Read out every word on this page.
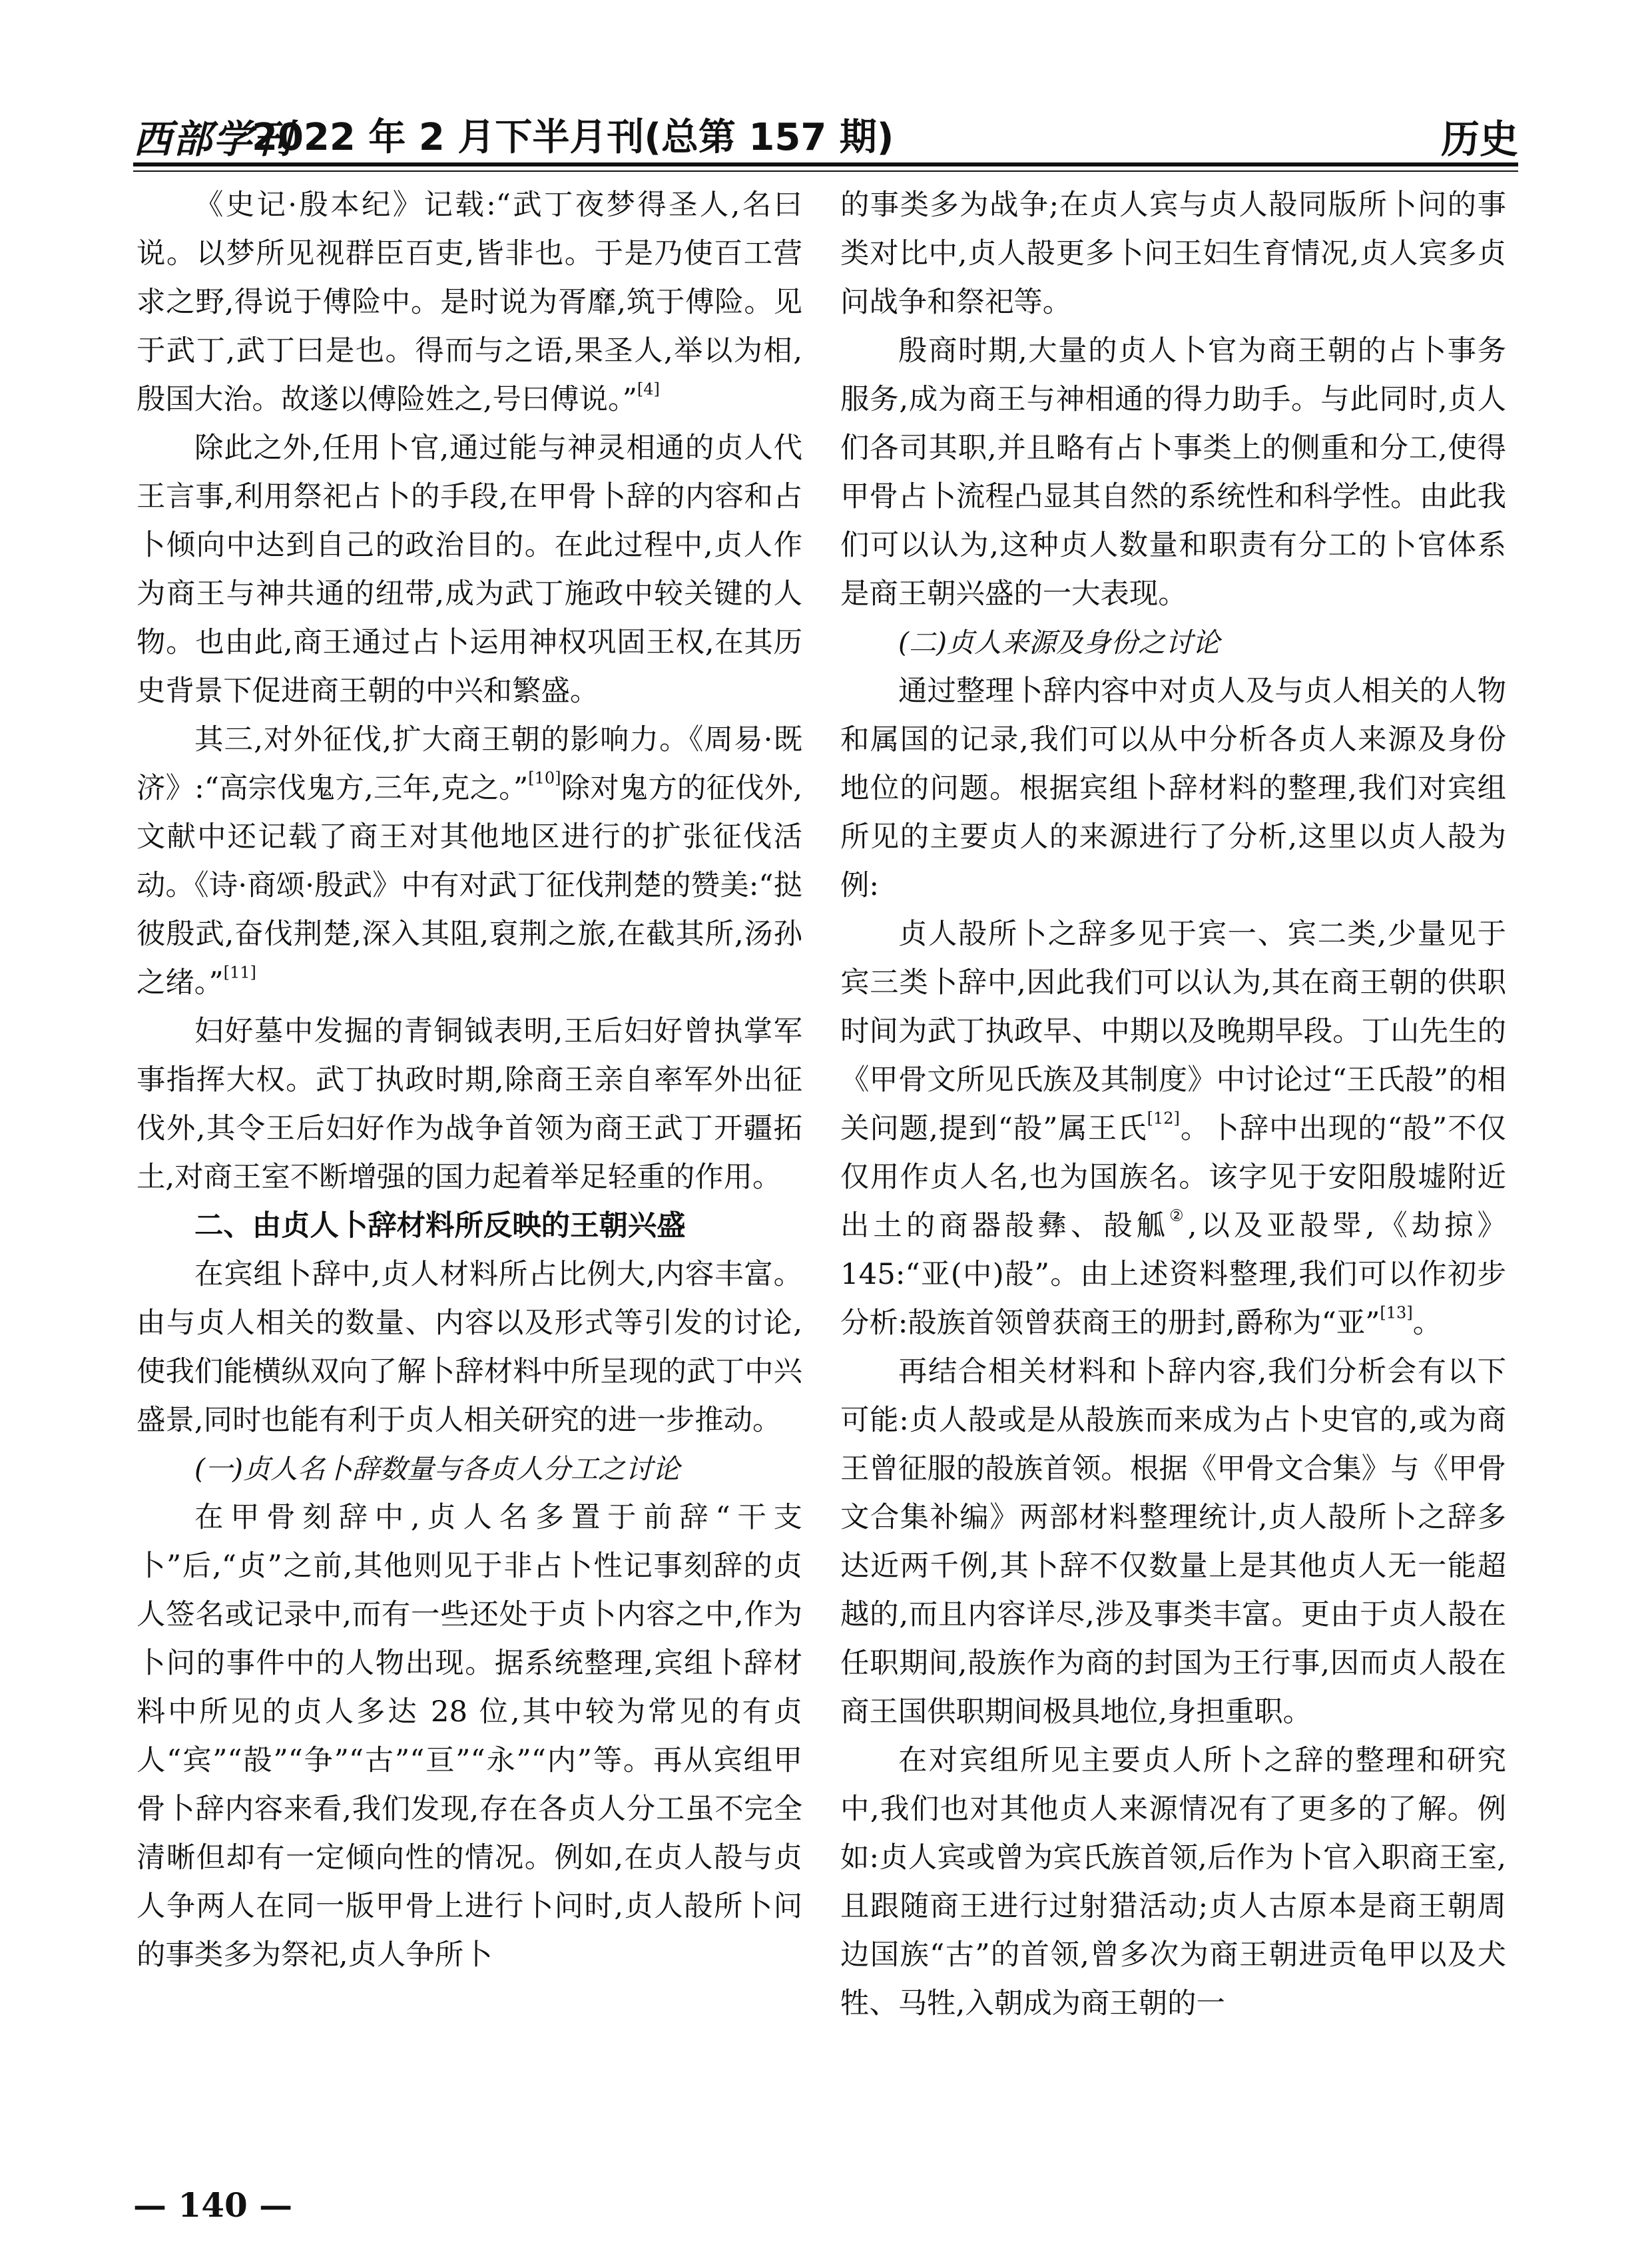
西部学刊
2022 年 2 月下半月刊(总第 157 期)	历史

《史记·殷本纪》记载:“武丁夜梦得圣人,名曰说。以梦所见视群臣百吏,皆非也。于是乃使百工营求之野,得说于傅险中。是时说为胥靡,筑于傅险。见于武丁,武丁曰是也。得而与之语,果圣人,举以为相,殷国大治。故遂以傅险姓之,号曰傅说。”[4]

除此之外,任用卜官,通过能与神灵相通的贞人代王言事,利用祭祀占卜的手段,在甲骨卜辞的内容和占卜倾向中达到自己的政治目的。在此过程中,贞人作为商王与神共通的纽带,成为武丁施政中较关键的人物。也由此,商王通过占卜运用神权巩固王权,在其历史背景下促进商王朝的中兴和繁盛。

其三,对外征伐,扩大商王朝的影响力。《周易·既济》:“高宗伐鬼方,三年,克之。”[10]除对鬼方的征伐外,文献中还记载了商王对其他地区进行的扩张征伐活动。《诗·商颂·殷武》中有对武丁征伐荆楚的赞美:“挞彼殷武,奋伐荆楚,深入其阻,裒荆之旅,在截其所,汤孙之绪。”[11]

妇好墓中发掘的青铜钺表明,王后妇好曾执掌军事指挥大权。武丁执政时期,除商王亲自率军外出征伐外,其令王后妇好作为战争首领为商王武丁开疆拓土,对商王室不断增强的国力起着举足轻重的作用。

二、由贞人卜辞材料所反映的王朝兴盛

在宾组卜辞中,贞人材料所占比例大,内容丰富。由与贞人相关的数量、内容以及形式等引发的讨论,使我们能横纵双向了解卜辞材料中所呈现的武丁中兴盛景,同时也能有利于贞人相关研究的进一步推动。

(一)贞人名卜辞数量与各贞人分工之讨论

在甲骨刻辞中,贞人名多置于前辞“干支卜”后,“贞”之前,其他则见于非占卜性记事刻辞的贞人签名或记录中,而有一些还处于贞卜内容之中,作为卜问的事件中的人物出现。据系统整理,宾组卜辞材料中所见的贞人多达 28 位,其中较为常见的有贞人“宾”“㱿”“争”“古”“亘”“永”“内”等。再从宾组甲骨卜辞内容来看,我们发现,存在各贞人分工虽不完全清晰但却有一定倾向性的情况。例如,在贞人㱿与贞人争两人在同一版甲骨上进行卜问时,贞人㱿所卜问的事类多为祭祀,贞人争所卜

的事类多为战争;在贞人宾与贞人㱿同版所卜问的事类对比中,贞人㱿更多卜问王妇生育情况,贞人宾多贞问战争和祭祀等。

殷商时期,大量的贞人卜官为商王朝的占卜事务服务,成为商王与神相通的得力助手。与此同时,贞人们各司其职,并且略有占卜事类上的侧重和分工,使得甲骨占卜流程凸显其自然的系统性和科学性。由此我们可以认为,这种贞人数量和职责有分工的卜官体系是商王朝兴盛的一大表现。

(二)贞人来源及身份之讨论

通过整理卜辞内容中对贞人及与贞人相关的人物和属国的记录,我们可以从中分析各贞人来源及身份地位的问题。根据宾组卜辞材料的整理,我们对宾组所见的主要贞人的来源进行了分析,这里以贞人㱿为例:

贞人㱿所卜之辞多见于宾一、宾二类,少量见于宾三类卜辞中,因此我们可以认为,其在商王朝的供职时间为武丁执政早、中期以及晚期早段。丁山先生的《甲骨文所见氏族及其制度》中讨论过“王氏㱿”的相关问题,提到“㱿”属王氏[12]。卜辞中出现的“㱿”不仅仅用作贞人名,也为国族名。该字见于安阳殷墟附近出土的商器㱿彝、㱿觚②,以及亚㱿斝,《劫掠》145:“亚(中)㱿”。由上述资料整理,我们可以作初步分析:㱿族首领曾获商王的册封,爵称为“亚”[13]。

再结合相关材料和卜辞内容,我们分析会有以下可能:贞人㱿或是从㱿族而来成为占卜史官的,或为商王曾征服的㱿族首领。根据《甲骨文合集》与《甲骨文合集补编》两部材料整理统计,贞人㱿所卜之辞多达近两千例,其卜辞不仅数量上是其他贞人无一能超越的,而且内容详尽,涉及事类丰富。更由于贞人㱿在任职期间,㱿族作为商的封国为王行事,因而贞人㱿在商王国供职期间极具地位,身担重职。

在对宾组所见主要贞人所卜之辞的整理和研究中,我们也对其他贞人来源情况有了更多的了解。例如:贞人宾或曾为宾氏族首领,后作为卜官入职商王室,且跟随商王进行过射猎活动;贞人古原本是商王朝周边国族“古”的首领,曾多次为商王朝进贡龟甲以及犬牲、马牲,入朝成为商王朝的一

— 140 —
